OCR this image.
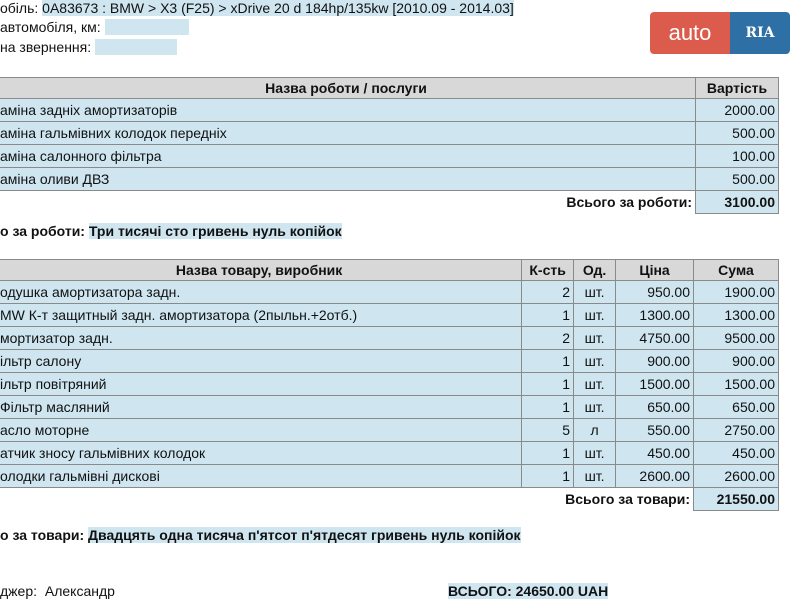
обіль: 0A83673 : BMW > X3 (F25) > xDrive 20 d 184hp/135kw [2010.09 - 2014.03]
автомобіля, км:
на звернення:
auto	RIA
Назва роботи / послуги	Вартість
аміна задніх амортизаторів	2000.00
аміна гальмівних колодок передніх	500.00
аміна салонного фільтра	100.00
аміна оливи ДВЗ	500.00
Всього за роботи:	3100.00
о за роботи: Три тисячі сто гривень нуль копійок
Назва товару, виробник	К-сть	Од.	Ціна	Сума
одушка амортизатора задн.	2	шт.	950.00	1900.00
MW К-т защитный задн. амортизатора (2пыльн.+2отб.)	1	шт.	1300.00	1300.00
мортизатор задн.	2	шт.	4750.00	9500.00
ільтр салону	1	шт.	900.00	900.00
ільтр повітряний	1	шт.	1500.00	1500.00
Фільтр масляний	1	шт.	650.00	650.00
асло моторне	5	л	550.00	2750.00
атчик зносу гальмівних колодок	1	шт.	450.00	450.00
олодки гальмівні дискові	1	шт.	2600.00	2600.00
Всього за товари:				21550.00
о за товари: Двадцять одна тисяча п'ятсот п'ятдесят гривень нуль копійок
джер: Александр	ВСЬОГО: 24650.00 UAH
